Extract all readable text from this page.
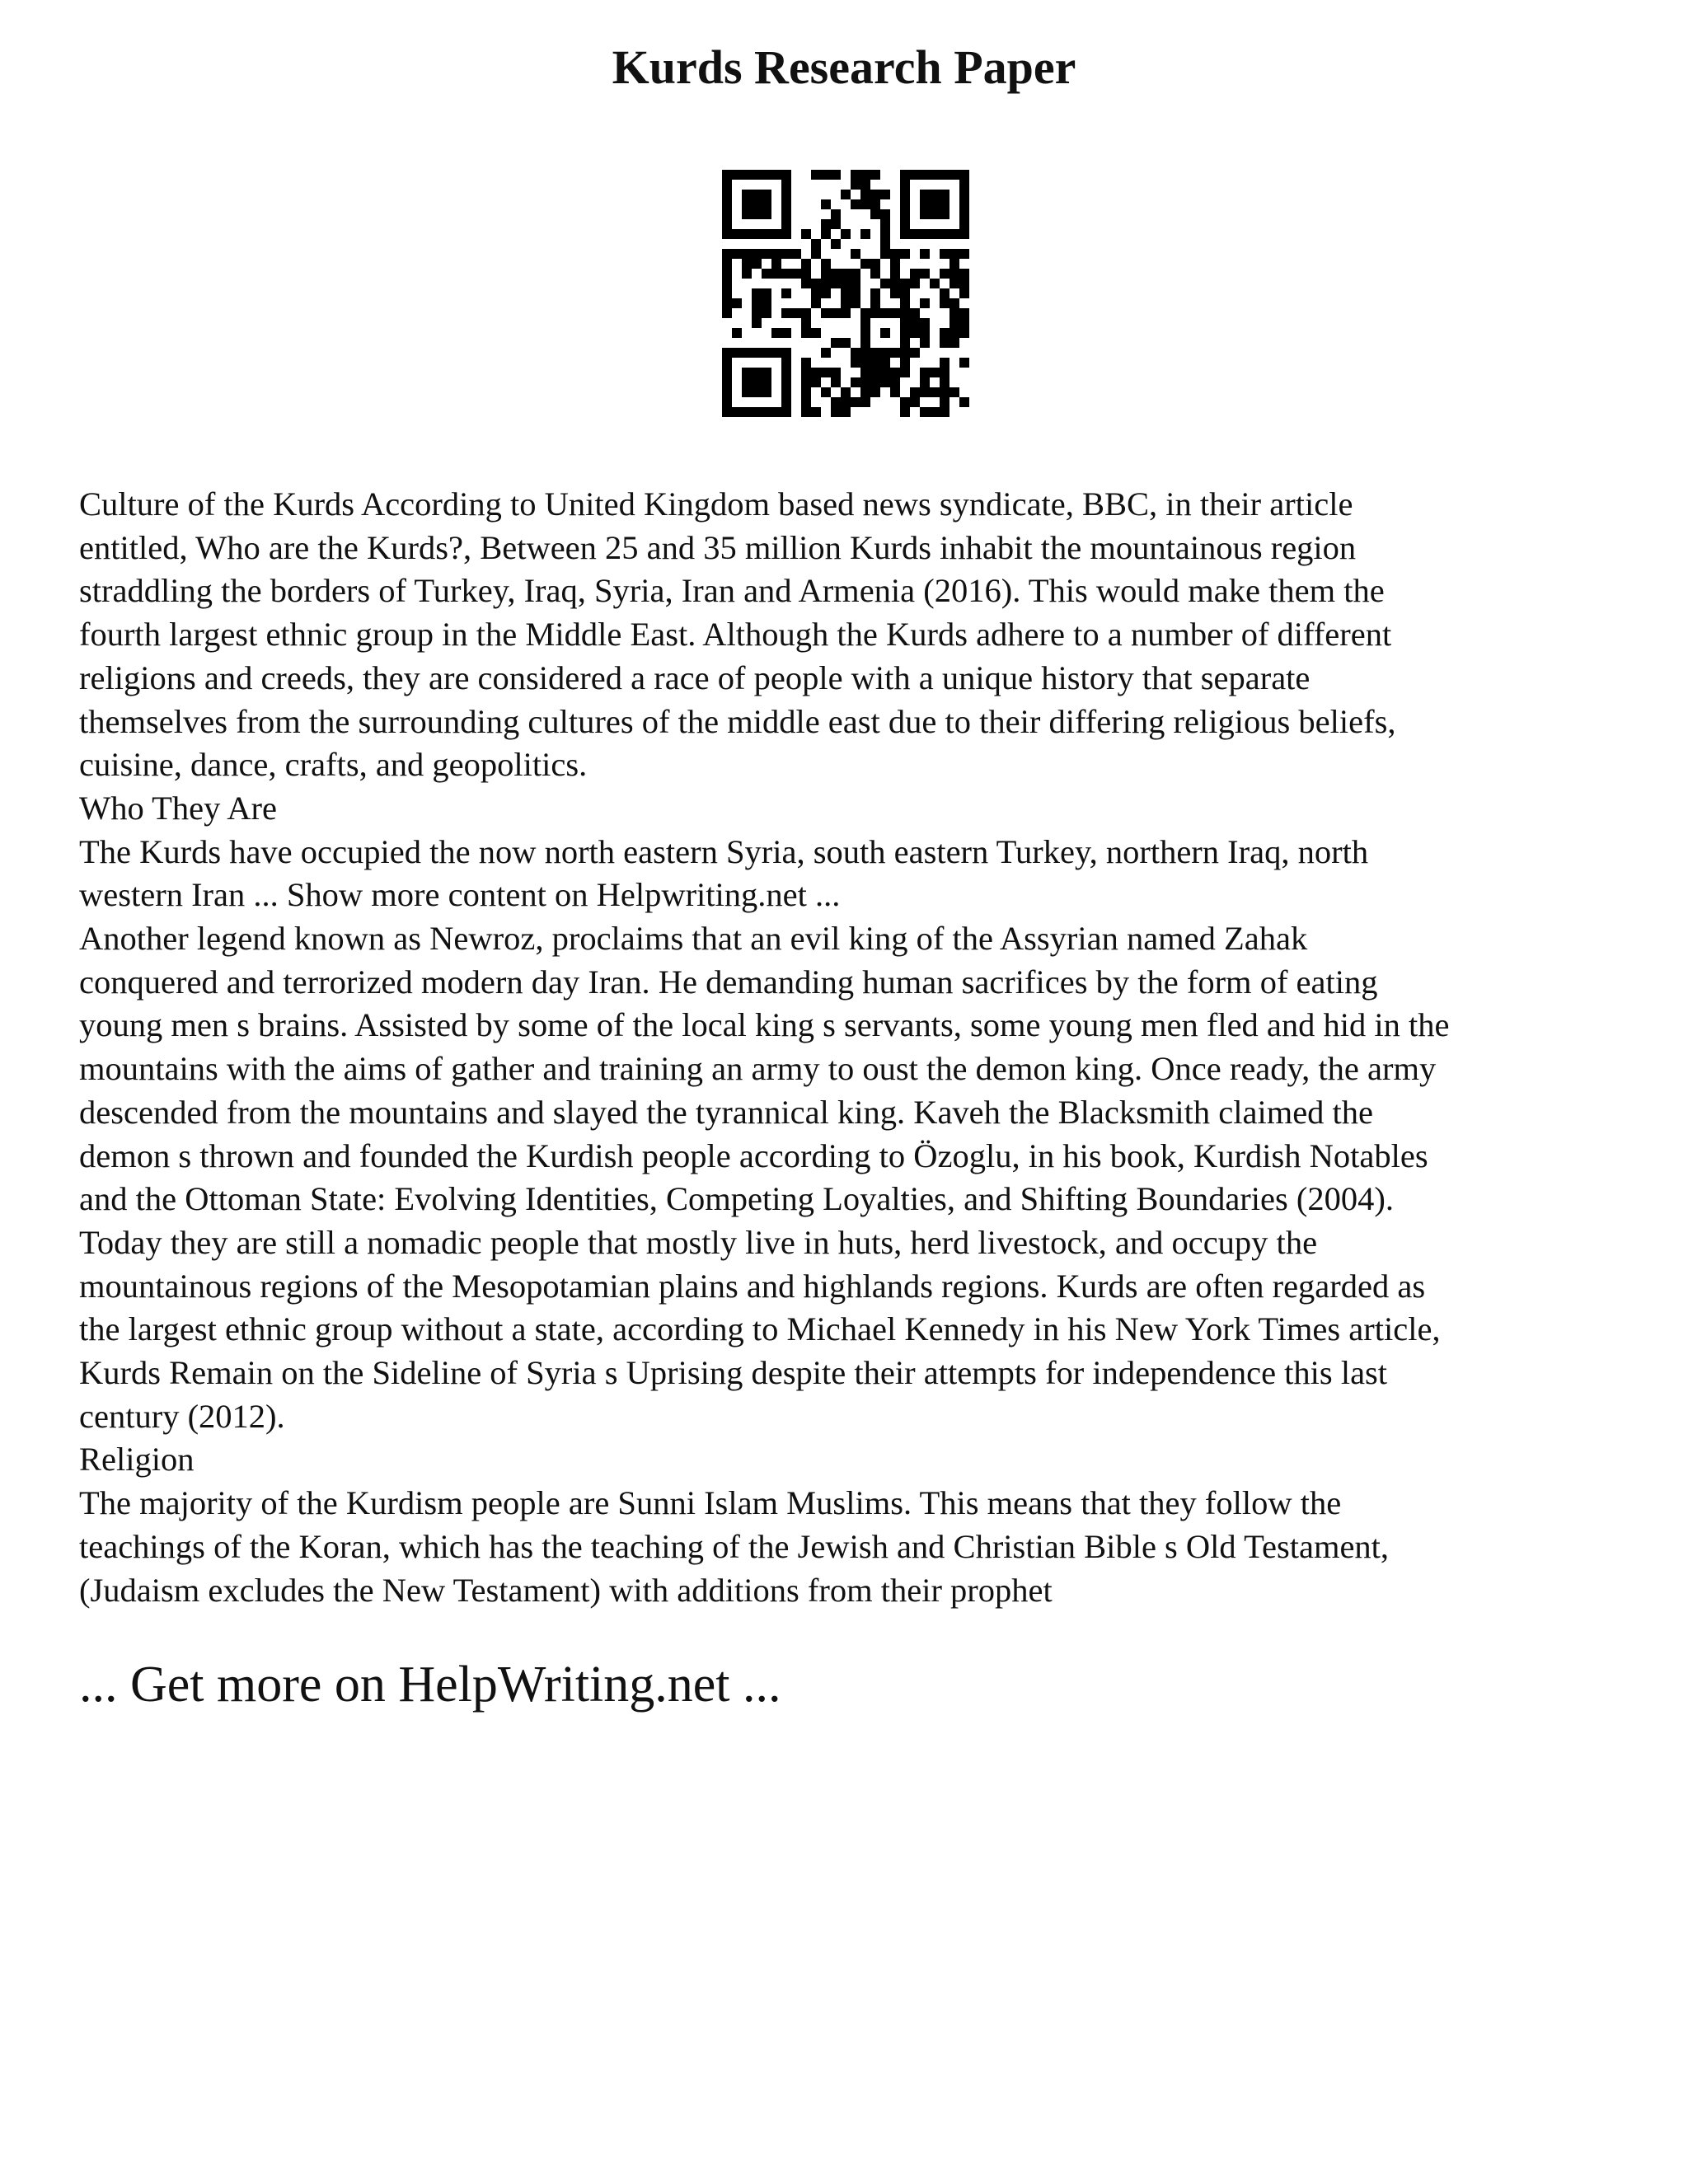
Kurds Research Paper

Culture of the Kurds According to United Kingdom based news syndicate, BBC, in their article
entitled, Who are the Kurds?, Between 25 and 35 million Kurds inhabit the mountainous region
straddling the borders of Turkey, Iraq, Syria, Iran and Armenia (2016). This would make them the
fourth largest ethnic group in the Middle East. Although the Kurds adhere to a number of different
religions and creeds, they are considered a race of people with a unique history that separate
themselves from the surrounding cultures of the middle east due to their differing religious beliefs,
cuisine, dance, crafts, and geopolitics.

Who They Are

The Kurds have occupied the now north eastern Syria, south eastern Turkey, northern Iraq, north
western Iran ... Show more content on Helpwriting.net ...

Another legend known as Newroz, proclaims that an evil king of the Assyrian named Zahak
conquered and terrorized modern day Iran. He demanding human sacrifices by the form of eating
young men s brains. Assisted by some of the local king s servants, some young men fled and hid in the
mountains with the aims of gather and training an army to oust the demon king. Once ready, the army
descended from the mountains and slayed the tyrannical king. Kaveh the Blacksmith claimed the
demon s thrown and founded the Kurdish people according to Özoglu, in his book, Kurdish Notables
and the Ottoman State: Evolving Identities, Competing Loyalties, and Shifting Boundaries (2004).
Today they are still a nomadic people that mostly live in huts, herd livestock, and occupy the
mountainous regions of the Mesopotamian plains and highlands regions. Kurds are often regarded as
the largest ethnic group without a state, according to Michael Kennedy in his New York Times article,
Kurds Remain on the Sideline of Syria s Uprising despite their attempts for independence this last
century (2012).

Religion

The majority of the Kurdism people are Sunni Islam Muslims. This means that they follow the
teachings of the Koran, which has the teaching of the Jewish and Christian Bible s Old Testament,
(Judaism excludes the New Testament) with additions from their prophet

... Get more on HelpWriting.net ...
